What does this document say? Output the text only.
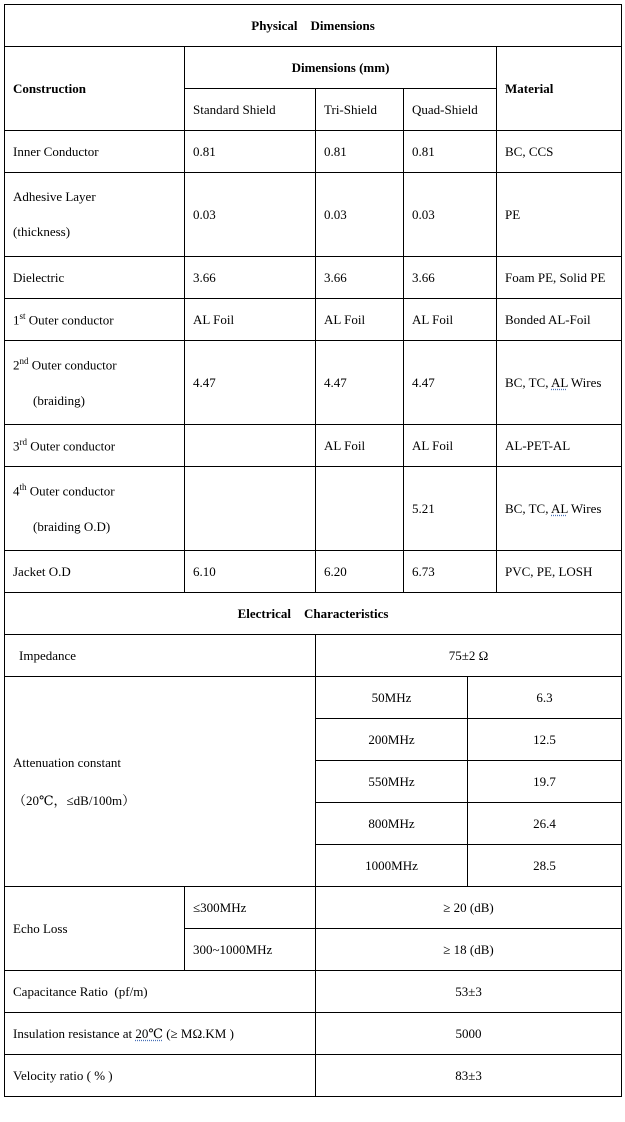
Physical    Dimensions				
Construction	Dimensions (mm)			Material
	Standard Shield	Tri-Shield	Quad-Shield	
Inner Conductor	0.81	0.81	0.81	BC, CCS
Adhesive Layer
(thickness)	0.03	0.03	0.03	PE
Dielectric	3.66	3.66	3.66	Foam PE, Solid PE
1st Outer conductor	AL Foil	AL Foil	AL Foil	Bonded AL-Foil
2nd Outer conductor
(braiding)	4.47	4.47	4.47	BC, TC, AL Wires
3rd Outer conductor		AL Foil	AL Foil	AL-PET-AL
4th Outer conductor
(braiding O.D)			5.21	BC, TC, AL Wires
Jacket O.D	6.10	6.20	6.73	PVC, PE, LOSH
Electrical    Characteristics			
Impedance		75±2 Ω	
Attenuation constant
（20℃，≤dB/100m）		50MHz	6.3
		200MHz	12.5
		550MHz	19.7
		800MHz	26.4
		1000MHz	28.5
Echo Loss	≤300MHz	≥ 20 (dB)	
	300~1000MHz	≥ 18 (dB)	
Capacitance Ratio  (pf/m)		53±3	
Insulation resistance at 20℃ (≥ MΩ.KM )		5000	
Velocity ratio ( % )		83±3	
